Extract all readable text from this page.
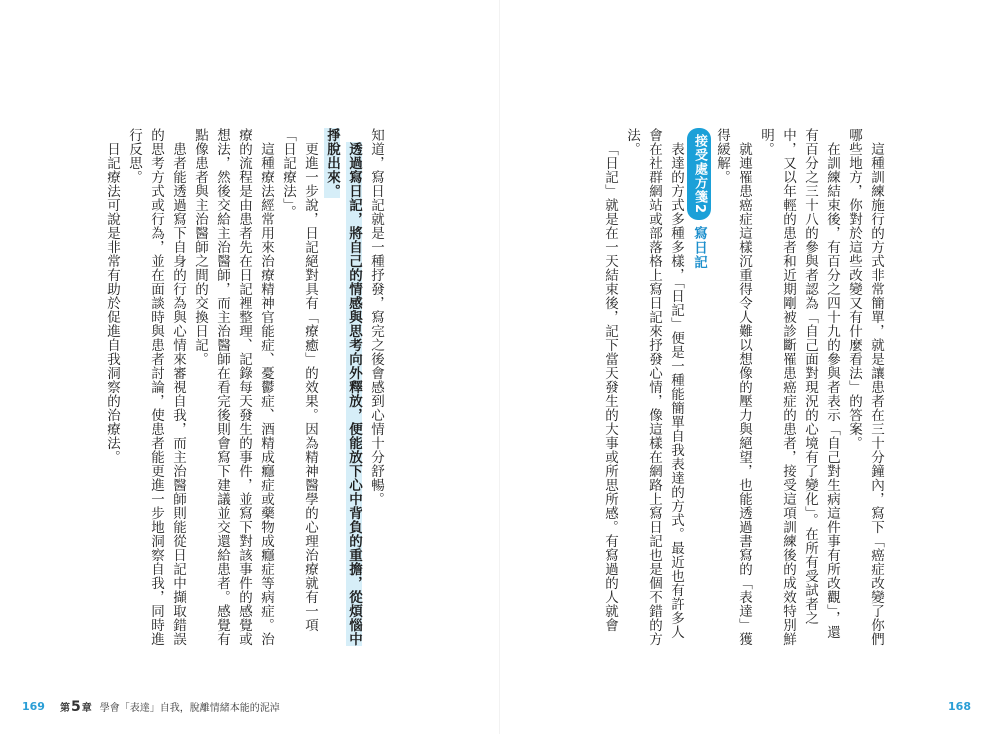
知道，寫日記就是一種抒發，寫完之後會感到心情十分舒暢。

透過寫日記，將自己的情感與思考向外釋放，便能放下心中背負的重擔，從煩惱中掙脫出來。

更進一步說，日記絕對具有「療癒」的效果。因為精神醫學的心理治療就有一項「日記療法」。

這種療法經常用來治療精神官能症、憂鬱症、酒精成癮症或藥物成癮症等病症。治療的流程是由患者先在日記裡整理、記錄每天發生的事件，並寫下對該事件的感覺或想法，然後交給主治醫師，而主治醫師在看完後則會寫下建議並交還給患者。感覺有點像患者與主治醫師之間的交換日記。

患者能透過寫下自身的行為與心情來審視自我，而主治醫師則能從日記中擷取錯誤的思考方式或行為，並在面談時與患者討論，使患者能更進一步地洞察自我，同時進行反思。

日記療法可說是非常有助於促進自我洞察的治療法。

169 第5章 學會「表達」自我，脫離情緒本能的泥淖

這種訓練施行的方式非常簡單，就是讓患者在三十分鐘內，寫下「癌症改變了你們哪些地方，你對於這些改變又有什麼看法」的答案。

在訓練結束後，有百分之四十九的參與者表示「自己對生病這件事有所改觀」，還有百分之三十八的參與者認為「自己面對現況的心境有了變化」。在所有受試者之中，又以年輕的患者和近期剛被診斷罹患癌症的患者，接受這項訓練後的成效特別鮮明。

就連罹患癌症這樣沉重得令人難以想像的壓力與絕望，也能透過書寫的「表達」獲得緩解。

接受處方箋2寫日記

表達的方式多種多樣，「日記」便是一種能簡單自我表達的方式。最近也有許多人會在社群網站或部落格上寫日記來抒發心情，像這樣在網路上寫日記也是個不錯的方法。

「日記」就是在一天結束後，記下當天發生的大事或所思所感。有寫過的人就會

168
